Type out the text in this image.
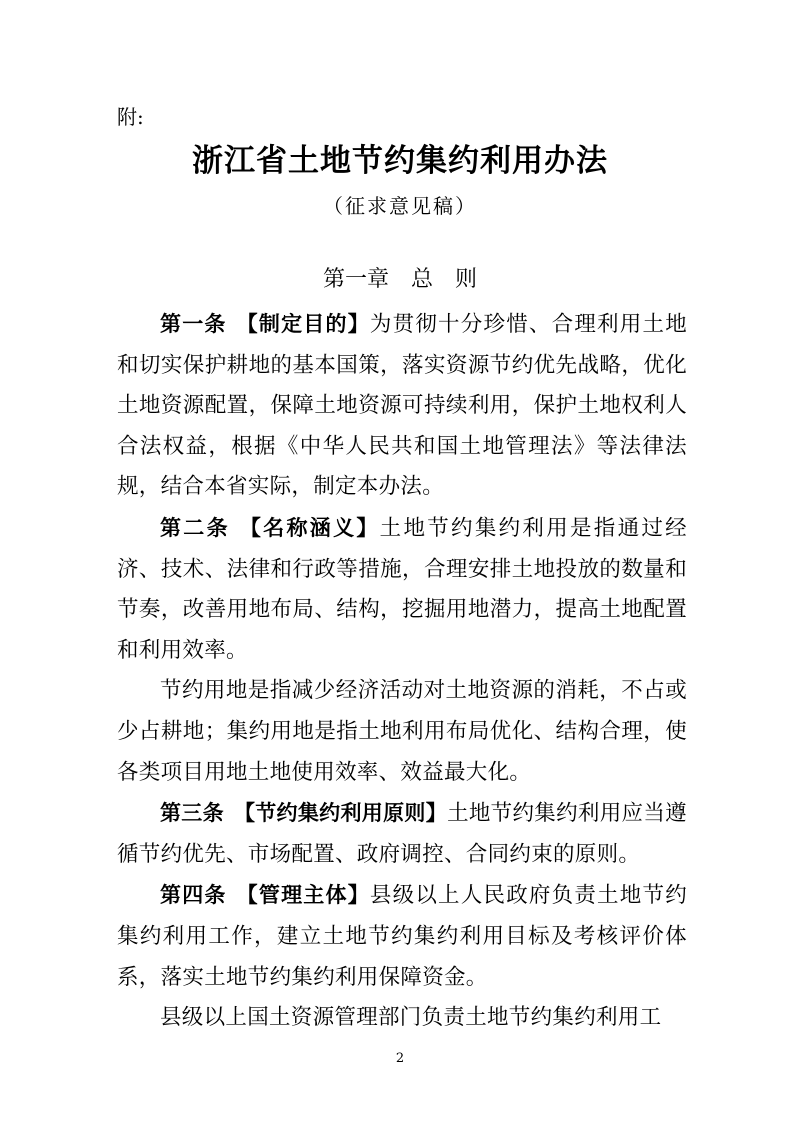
附:
浙江省土地节约集约利用办法
（征求意见稿）
第一章　总　则

第一条 【制定目的】为贯彻十分珍惜、合理利用土地和切实保护耕地的基本国策，落实资源节约优先战略，优化土地资源配置，保障土地资源可持续利用，保护土地权利人合法权益，根据《中华人民共和国土地管理法》等法律法规，结合本省实际，制定本办法。

第二条 【名称涵义】土地节约集约利用是指通过经济、技术、法律和行政等措施，合理安排土地投放的数量和节奏，改善用地布局、结构，挖掘用地潜力，提高土地配置和利用效率。

节约用地是指减少经济活动对土地资源的消耗，不占或少占耕地；集约用地是指土地利用布局优化、结构合理，使各类项目用地土地使用效率、效益最大化。

第三条 【节约集约利用原则】土地节约集约利用应当遵循节约优先、市场配置、政府调控、合同约束的原则。

第四条 【管理主体】县级以上人民政府负责土地节约集约利用工作，建立土地节约集约利用目标及考核评价体系，落实土地节约集约利用保障资金。

县级以上国土资源管理部门负责土地节约集约利用工

2
